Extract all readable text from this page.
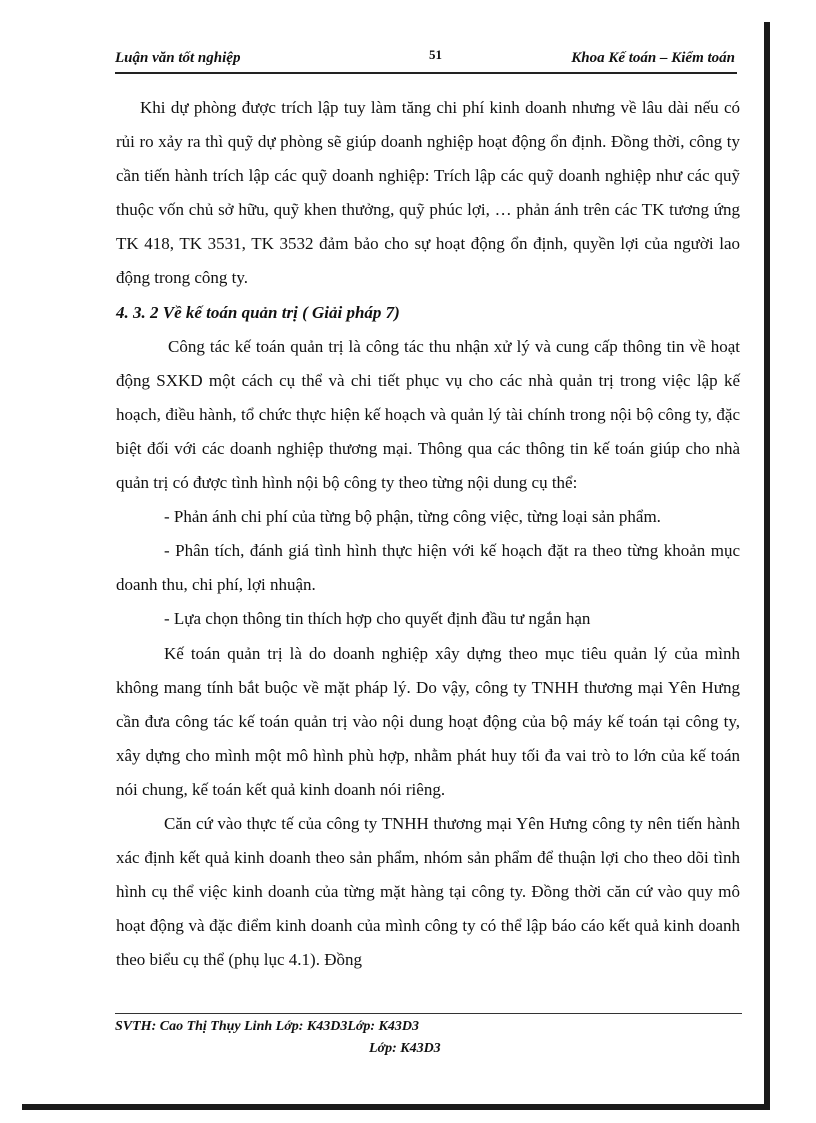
Luận văn tốt nghiệp	51	Khoa Kế toán – Kiểm toán

Khi dự phòng được trích lập tuy làm tăng chi phí kinh doanh nhưng về lâu dài nếu có rủi ro xảy ra thì quỹ dự phòng sẽ giúp doanh nghiệp hoạt động ổn định. Đồng thời, công ty cần tiến hành trích lập các quỹ doanh nghiệp: Trích lập các quỹ doanh nghiệp như các quỹ thuộc vốn chủ sở hữu, quỹ khen thưởng, quỹ phúc lợi, … phản ánh trên các TK tương ứng TK 418, TK 3531, TK 3532 đảm bảo cho sự hoạt động ổn định, quyền lợi của người lao động trong công ty.

4. 3. 2 Về kế toán quản trị ( Giải pháp 7)

Công tác kế toán quản trị là công tác thu nhận xử lý và cung cấp thông tin về hoạt động SXKD một cách cụ thể và chi tiết phục vụ cho các nhà quản trị trong việc lập kế hoạch, điều hành, tổ chức thực hiện kế hoạch và quản lý tài chính trong nội bộ công ty, đặc biệt đối với các doanh nghiệp thương mại. Thông qua các thông tin kế toán giúp cho nhà quản trị có được tình hình nội bộ công ty theo từng nội dung cụ thể:

- Phản ánh chi phí của từng bộ phận, từng công việc, từng loại sản phẩm.

- Phân tích, đánh giá tình hình thực hiện với kế hoạch đặt ra theo từng khoản mục doanh thu, chi phí, lợi nhuận.

- Lựa chọn thông tin thích hợp cho quyết định đầu tư ngắn hạn

Kế toán quản trị là do doanh nghiệp xây dựng theo mục tiêu quản lý của mình không mang tính bắt buộc về mặt pháp lý. Do vậy, công ty TNHH thương mại Yên Hưng cần đưa công tác kế toán quản trị vào nội dung hoạt động của bộ máy kế toán tại công ty, xây dựng cho mình một mô hình phù hợp, nhằm phát huy tối đa vai trò to lớn của kế toán nói chung, kế toán kết quả kinh doanh nói riêng.

Căn cứ vào thực tế của công ty TNHH thương mại Yên Hưng công ty nên tiến hành xác định kết quả kinh doanh theo sản phẩm, nhóm sản phẩm để thuận lợi cho theo dõi tình hình cụ thể việc kinh doanh của từng mặt hàng tại công ty. Đồng thời căn cứ vào quy mô hoạt động và đặc điểm kinh doanh của mình công ty có thể lập báo cáo kết quả kinh doanh theo biểu cụ thể (phụ lục 4.1). Đồng

SVTH: Cao Thị Thụy Linh Lớp: K43D3Lớp: K43D3
Lớp: K43D3
